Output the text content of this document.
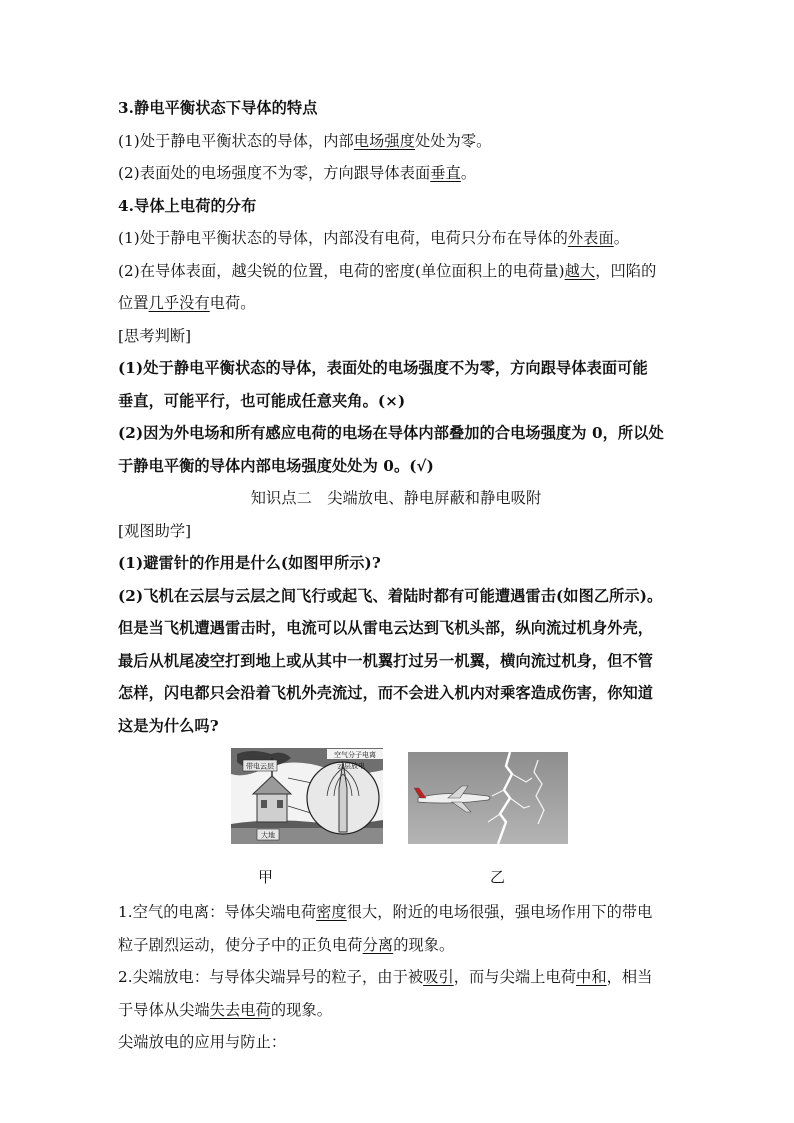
3.静电平衡状态下导体的特点
(1)处于静电平衡状态的导体，内部电场强度处处为零。
(2)表面处的电场强度不为零，方向跟导体表面垂直。
4.导体上电荷的分布
(1)处于静电平衡状态的导体，内部没有电荷，电荷只分布在导体的外表面。
(2)在导体表面，越尖锐的位置，电荷的密度(单位面积上的电荷量)越大，凹陷的
位置几乎没有电荷。
[思考判断]
(1)处于静电平衡状态的导体，表面处的电场强度不为零，方向跟导体表面可能
垂直，可能平行，也可能成任意夹角。(×)
(2)因为外电场和所有感应电荷的电场在导体内部叠加的合电场强度为 0，所以处
于静电平衡的导体内部电场强度处处为 0。(√)
知识点二　尖端放电、静电屏蔽和静电吸附
[观图助学]
(1)避雷针的作用是什么(如图甲所示)?
(2)飞机在云层与云层之间飞行或起飞、着陆时都有可能遭遇雷击(如图乙所示)。
但是当飞机遭遇雷击时，电流可以从雷电云达到飞机头部，纵向流过机身外壳，
最后从机尾凌空打到地上或从其中一机翼打过另一机翼，横向流过机身，但不管
怎样，闪电都只会沿着飞机外壳流过，而不会进入机内对乘客造成伤害，你知道
这是为什么吗?
空气分子电离
云层放电
带电云层
大地
甲	乙
1.空气的电离：导体尖端电荷密度很大，附近的电场很强，强电场作用下的带电
粒子剧烈运动，使分子中的正负电荷分离的现象。
2.尖端放电：与导体尖端异号的粒子，由于被吸引，而与尖端上电荷中和，相当
于导体从尖端失去电荷的现象。
尖端放电的应用与防止：
